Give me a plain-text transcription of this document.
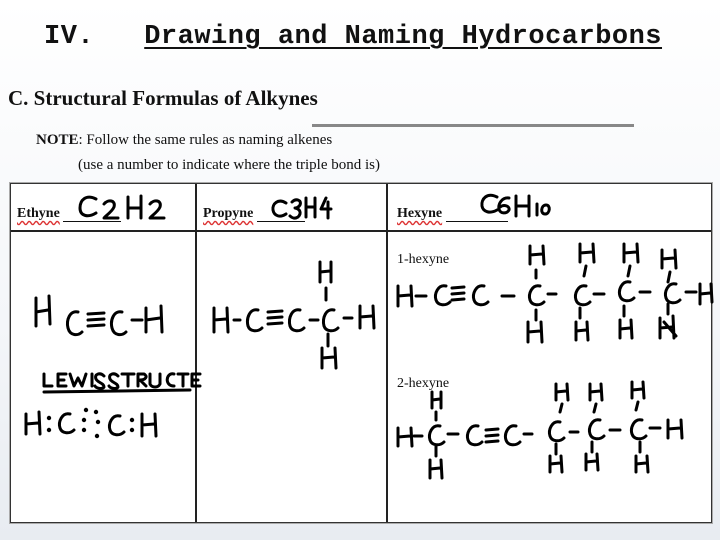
IV. Drawing and Naming Hydrocarbons
C. Structural Formulas of Alkynes
NOTE: Follow the same rules as naming alkenes
(use a number to indicate where the triple bond is)
Ethyne	Propyne	Hexyne
1-hexyne
2-hexyne
